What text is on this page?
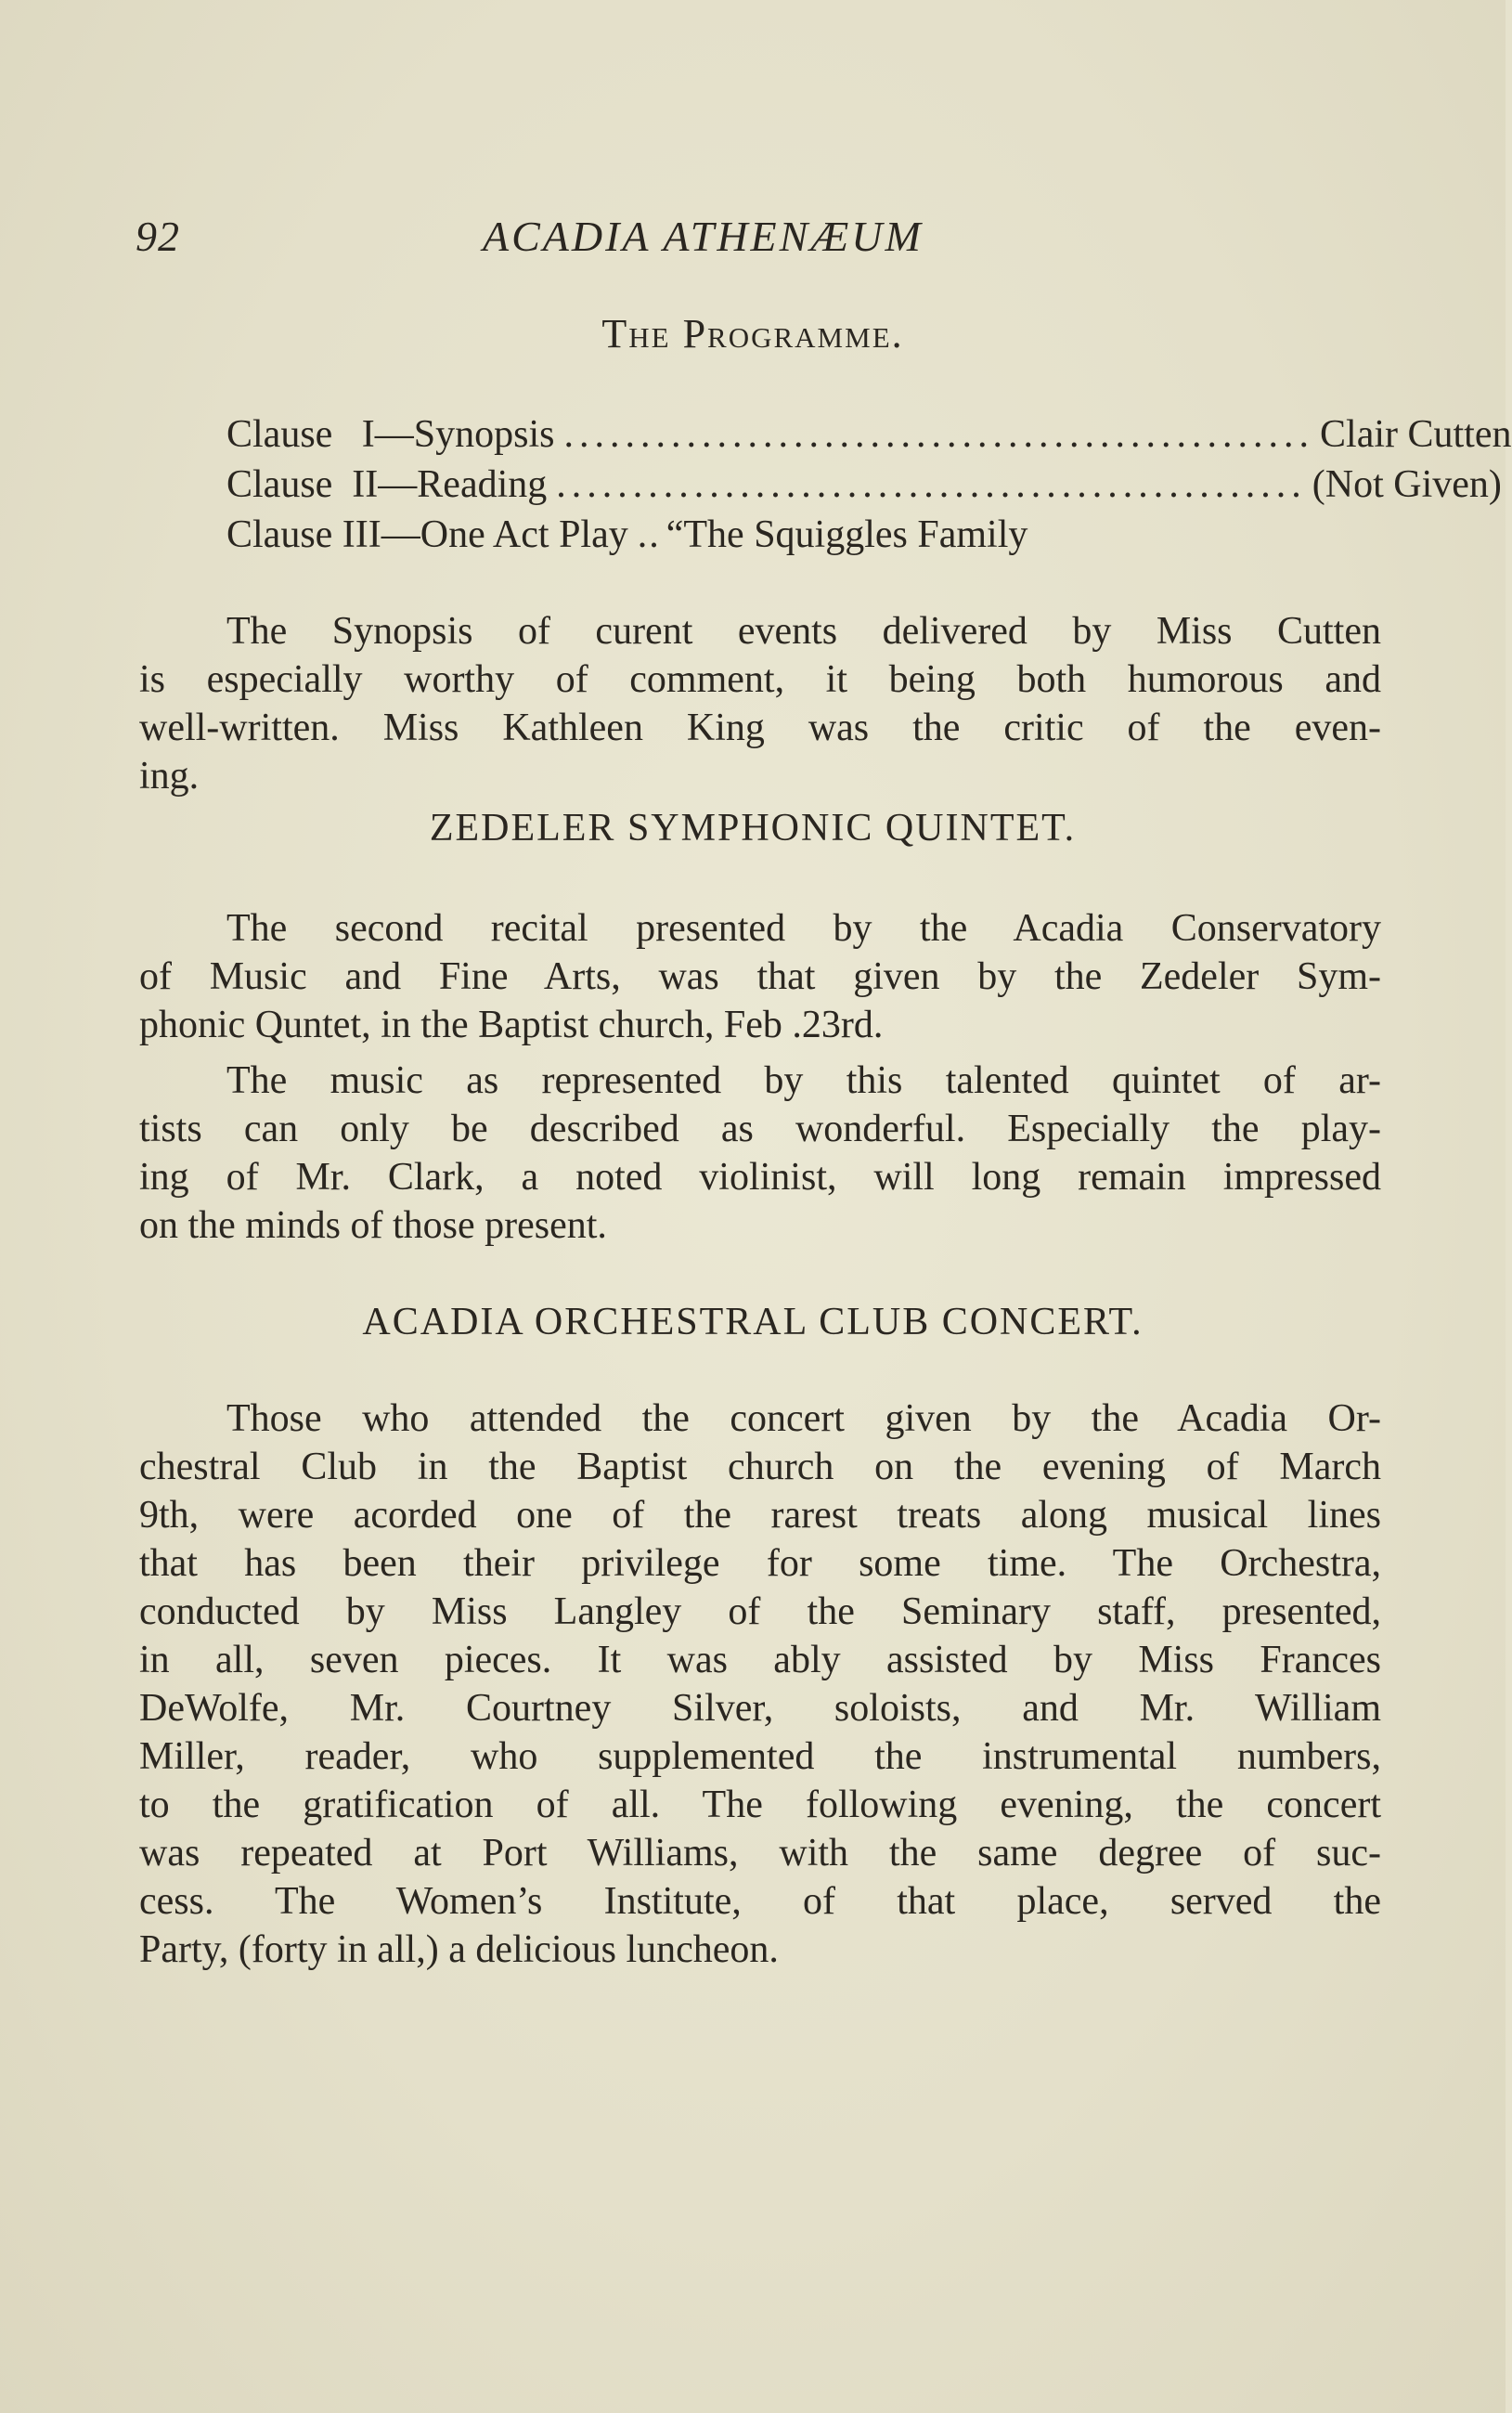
92	ACADIA ATHENÆUM
The Programme.
Clause   I—Synopsis ................................................. Clair Cutten
Clause  II—Reading ................................................. (Not Given)
Clause III—One Act Play .. “The Squiggles Family
The Synopsis of curent events delivered by Miss Cutten
is especially worthy of comment, it being both humorous and
well-written. Miss Kathleen King was the critic of the even-
ing.
ZEDELER SYMPHONIC QUINTET.
The second recital presented by the Acadia Conservatory
of Music and Fine Arts, was that given by the Zedeler Sym-
phonic Quntet, in the Baptist church, Feb .23rd.
The music as represented by this talented quintet of ar-
tists can only be described as wonderful. Especially the play-
ing of Mr. Clark, a noted violinist, will long remain impressed
on the minds of those present.
ACADIA ORCHESTRAL CLUB CONCERT.
Those who attended the concert given by the Acadia Or-
chestral Club in the Baptist church on the evening of March
9th, were acorded one of the rarest treats along musical lines
that has been their privilege for some time. The Orchestra,
conducted by Miss Langley of the Seminary staff, presented,
in all, seven pieces. It was ably assisted by Miss Frances
DeWolfe, Mr. Courtney Silver, soloists, and Mr. William
Miller, reader, who supplemented the instrumental numbers,
to the gratification of all. The following evening, the concert
was repeated at Port Williams, with the same degree of suc-
cess. The Women’s Institute, of that place, served the
Party, (forty in all,) a delicious luncheon.
